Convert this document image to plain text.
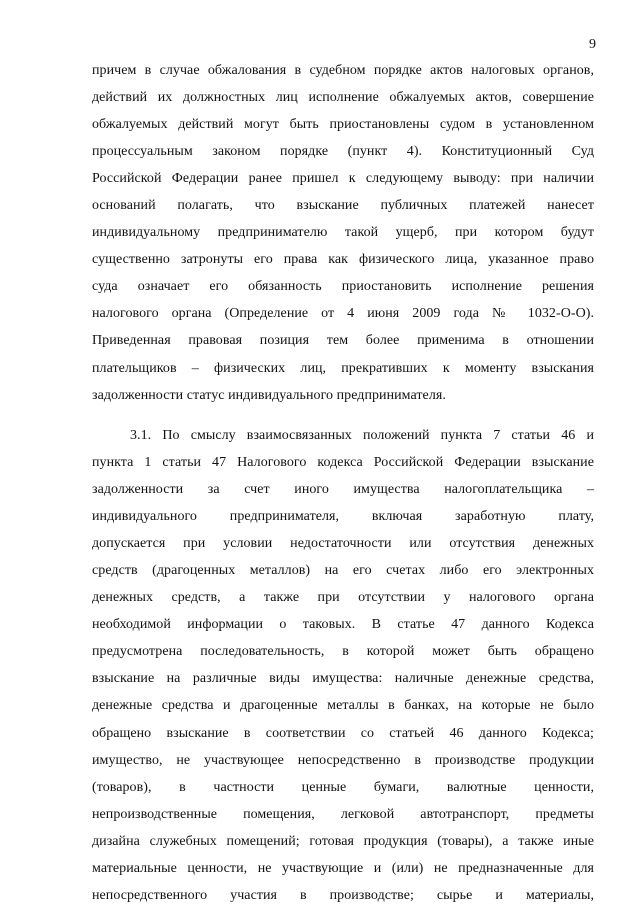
9
причем в случае обжалования в судебном порядке актов налоговых органов,
действий их должностных лиц исполнение обжалуемых актов, совершение
обжалуемых действий могут быть приостановлены судом в установленном
процессуальным законом порядке (пункт 4). Конституционный Суд
Российской Федерации ранее пришел к следующему выводу: при наличии
оснований полагать, что взыскание публичных платежей нанесет
индивидуальному предпринимателю такой ущерб, при котором будут
существенно затронуты его права как физического лица, указанное право
суда означает его обязанность приостановить исполнение решения
налогового органа (Определение от 4 июня 2009 года № 1032-О-О).
Приведенная правовая позиция тем более применима в отношении
плательщиков – физических лиц, прекративших к моменту взыскания
задолженности статус индивидуального предпринимателя.
3.1. По смыслу взаимосвязанных положений пункта 7 статьи 46 и
пункта 1 статьи 47 Налогового кодекса Российской Федерации взыскание
задолженности за счет иного имущества налогоплательщика –
индивидуального предпринимателя, включая заработную плату,
допускается при условии недостаточности или отсутствия денежных
средств (драгоценных металлов) на его счетах либо его электронных
денежных средств, а также при отсутствии у налогового органа
необходимой информации о таковых. В статье 47 данного Кодекса
предусмотрена последовательность, в которой может быть обращено
взыскание на различные виды имущества: наличные денежные средства,
денежные средства и драгоценные металлы в банках, на которые не было
обращено взыскание в соответствии со статьей 46 данного Кодекса;
имущество, не участвующее непосредственно в производстве продукции
(товаров), в частности ценные бумаги, валютные ценности,
непроизводственные помещения, легковой автотранспорт, предметы
дизайна служебных помещений; готовая продукция (товары), а также иные
материальные ценности, не участвующие и (или) не предназначенные для
непосредственного участия в производстве; сырье и материалы,
